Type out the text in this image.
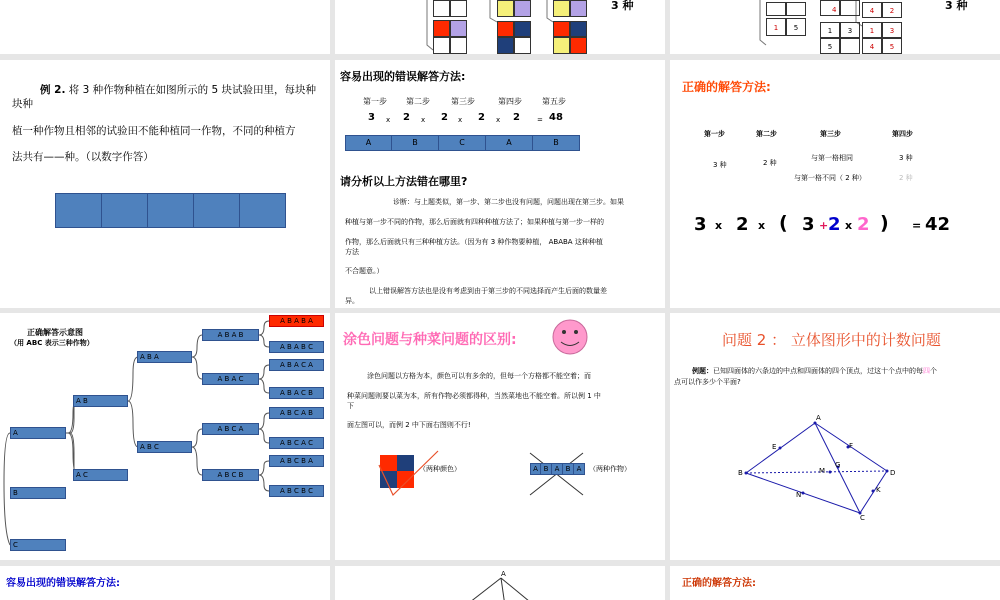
3 种
1	5	1	3
5
4	2
1	3
4	5
4	3 种
例 2. 将 3 种作物种植在如图所示的 5 块试验田里，每块种
块种
植一种作物且相邻的试验田不能种植同一作物，不同的种植方
法共有——种。（以数字作答）
容易出现的错误解答方法:
第一步 第二步	第三步	第四步	第五步
3 x 2 x 2 x 2 x 2 = 48
A	B	C	A	B
请分析以上方法错在哪里?
诊断：与上题类似，第一步、第二步也没有问题，问题出现在第三步。如果
种植与第一步不同的作物，那么后面就有四种种植方法了；如果种植与第一步一样的
作物，那么后面就只有三种种植方法。（因为有 3 种作物要种植， ABABA 这种种植
方法
不合题意。）
以上错误解答方法也是没有考虑到由于第三步的不同选择而产生后面的数量差
异。
正确的解答方法:
第一步	第二步	第三步	第四步
3 种	2 种
与第一格相同
与第一格不同（ 2 种）
3 种
2 种
3 x 2 x ( 3 + 2 x 2 ) = 42
正确解答示意图
（用 ABC 表示三种作物）
A
B
C
A B
A C
A B A
A B C
A B A B
A B A C
A B C A
A B C B
A B A B A
A B A B C
A B A C A
A B A C B
A B C A B
A B C A C
A B C B A
A B C B C
涂色问题与种菜问题的区别:
涂色问题以方格为本，颜色可以有多余的，但每一个方格都不能空着；而
种菜问题则要以菜为本，所有作物必须都得种，当然菜地也不能空着。所以例 1 中
下
面左图可以，而例 2 中下面右图则不行!
（两种颜色）	A B A B A	（两种作物）
问题 2 ： 立体图形中的计数问题
例题：已知四面体的六条边的中点和四面体的四个顶点，过这十个点中的每四个
点可以作多少个平面?
A
E	F
B	M
G
D
N
K
C
容易出现的错误解答方法:
A
正确的解答方法:
